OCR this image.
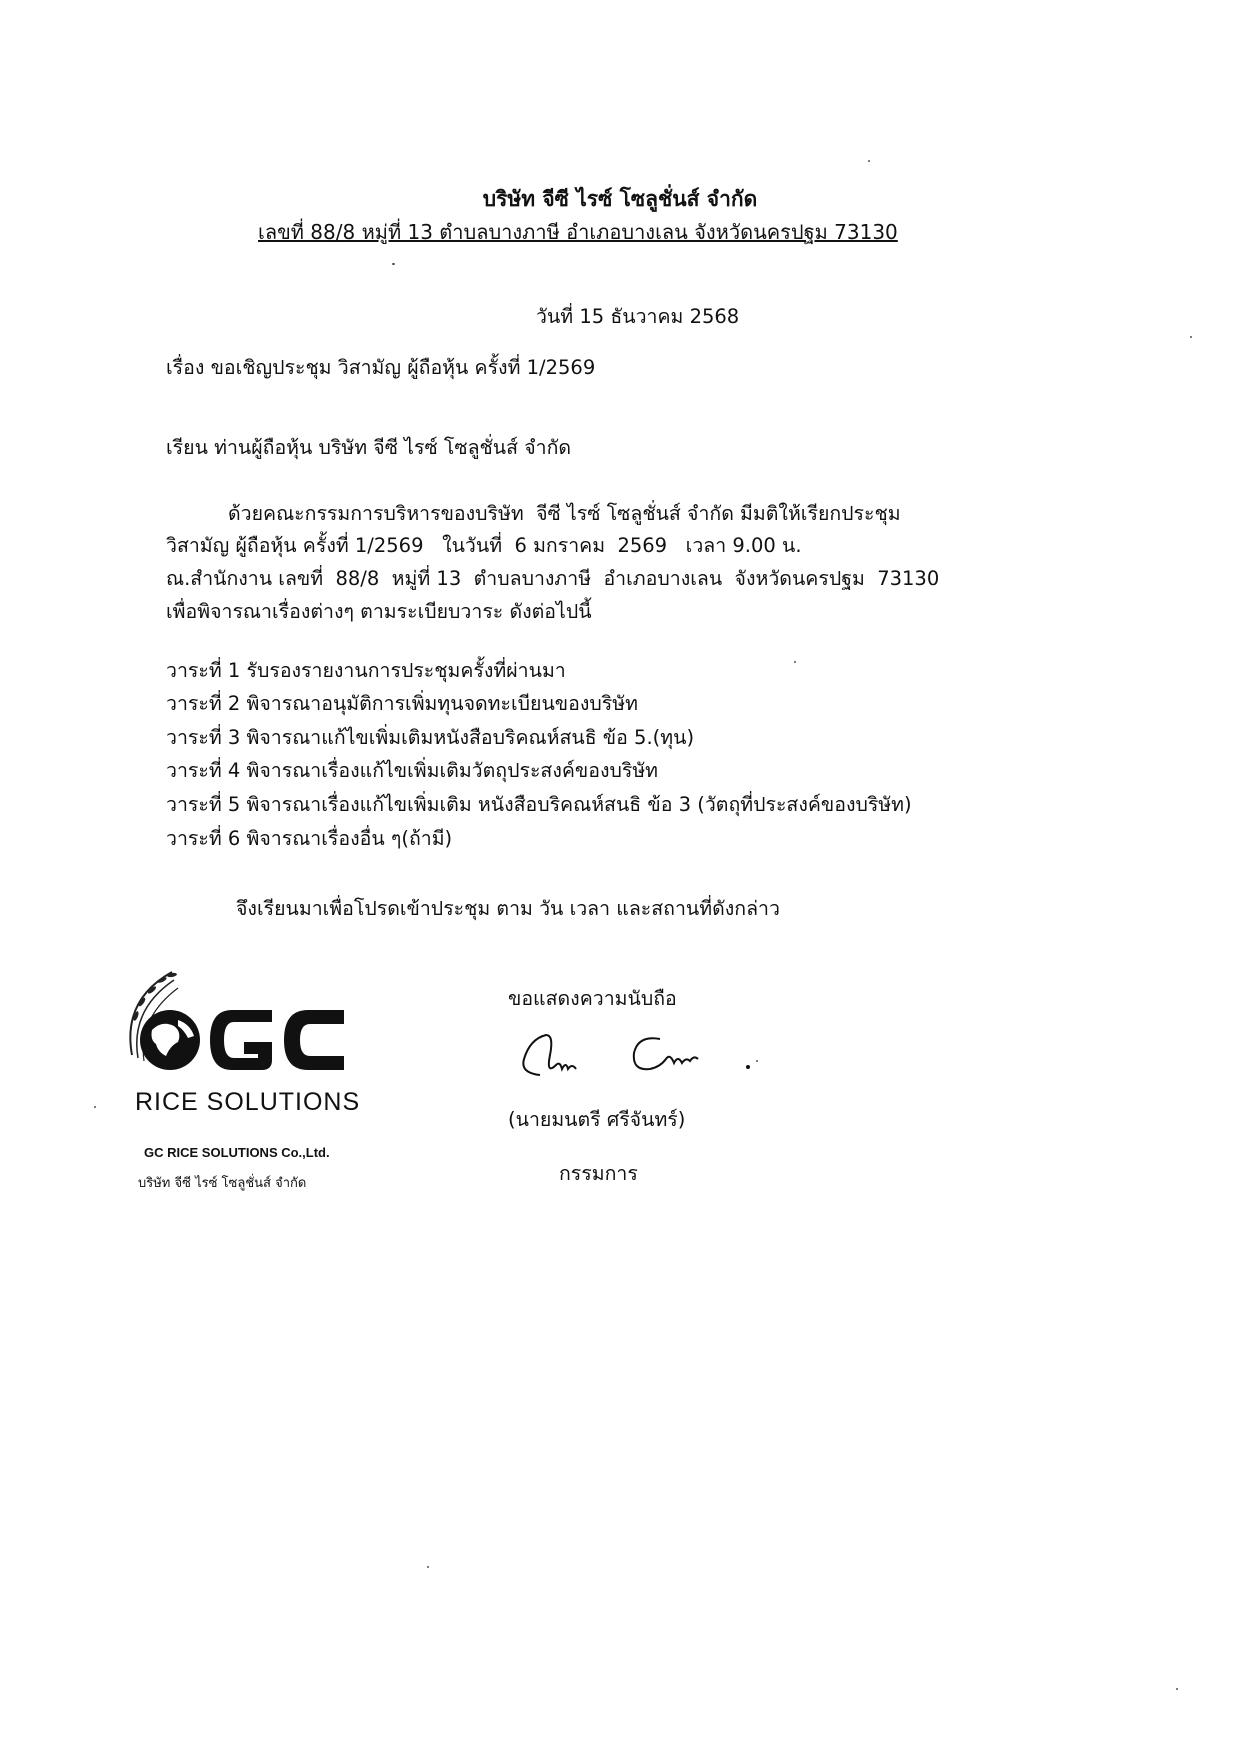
บริษัท จีซี ไรซ์ โซลูชั่นส์ จำกัด
เลขที่ 88/8 หมู่ที่ 13 ตำบลบางภาษี อำเภอบางเลน จังหวัดนครปฐม 73130
วันที่ 15 ธันวาคม 2568
เรื่อง ขอเชิญประชุม วิสามัญ ผู้ถือหุ้น ครั้งที่ 1/2569
เรียน ท่านผู้ถือหุ้น บริษัท จีซี ไรซ์ โซลูชั่นส์ จำกัด
ด้วยคณะกรรมการบริหารของบริษัท  จีซี ไรซ์ โซลูชั่นส์ จำกัด มีมติให้เรียกประชุม
วิสามัญ ผู้ถือหุ้น ครั้งที่ 1/2569   ในวันที่  6 มกราคม  2569   เวลา 9.00 น.
ณ.สำนักงาน เลขที่  88/8  หมู่ที่ 13  ตำบลบางภาษี  อำเภอบางเลน  จังหวัดนครปฐม  73130
เพื่อพิจารณาเรื่องต่างๆ ตามระเบียบวาระ ดังต่อไปนี้
วาระที่ 1 รับรองรายงานการประชุมครั้งที่ผ่านมา
วาระที่ 2 พิจารณาอนุมัติการเพิ่มทุนจดทะเบียนของบริษัท
วาระที่ 3 พิจารณาแก้ไขเพิ่มเติมหนังสือบริคณห์สนธิ ข้อ 5.(ทุน)
วาระที่ 4 พิจารณาเรื่องแก้ไขเพิ่มเติมวัตถุประสงค์ของบริษัท
วาระที่ 5 พิจารณาเรื่องแก้ไขเพิ่มเติม หนังสือบริคณห์สนธิ ข้อ 3 (วัตถุที่ประสงค์ของบริษัท)
วาระที่ 6 พิจารณาเรื่องอื่น ๆ(ถ้ามี)
จึงเรียนมาเพื่อโปรดเข้าประชุม ตาม วัน เวลา และสถานที่ดังกล่าว
RICE SOLUTIONS
GC RICE SOLUTIONS Co.,Ltd.
บริษัท จีซี ไรซ์ โซลูชั่นส์ จำกัด
ขอแสดงความนับถือ
(นายมนตรี ศรีจันทร์)
กรรมการ
